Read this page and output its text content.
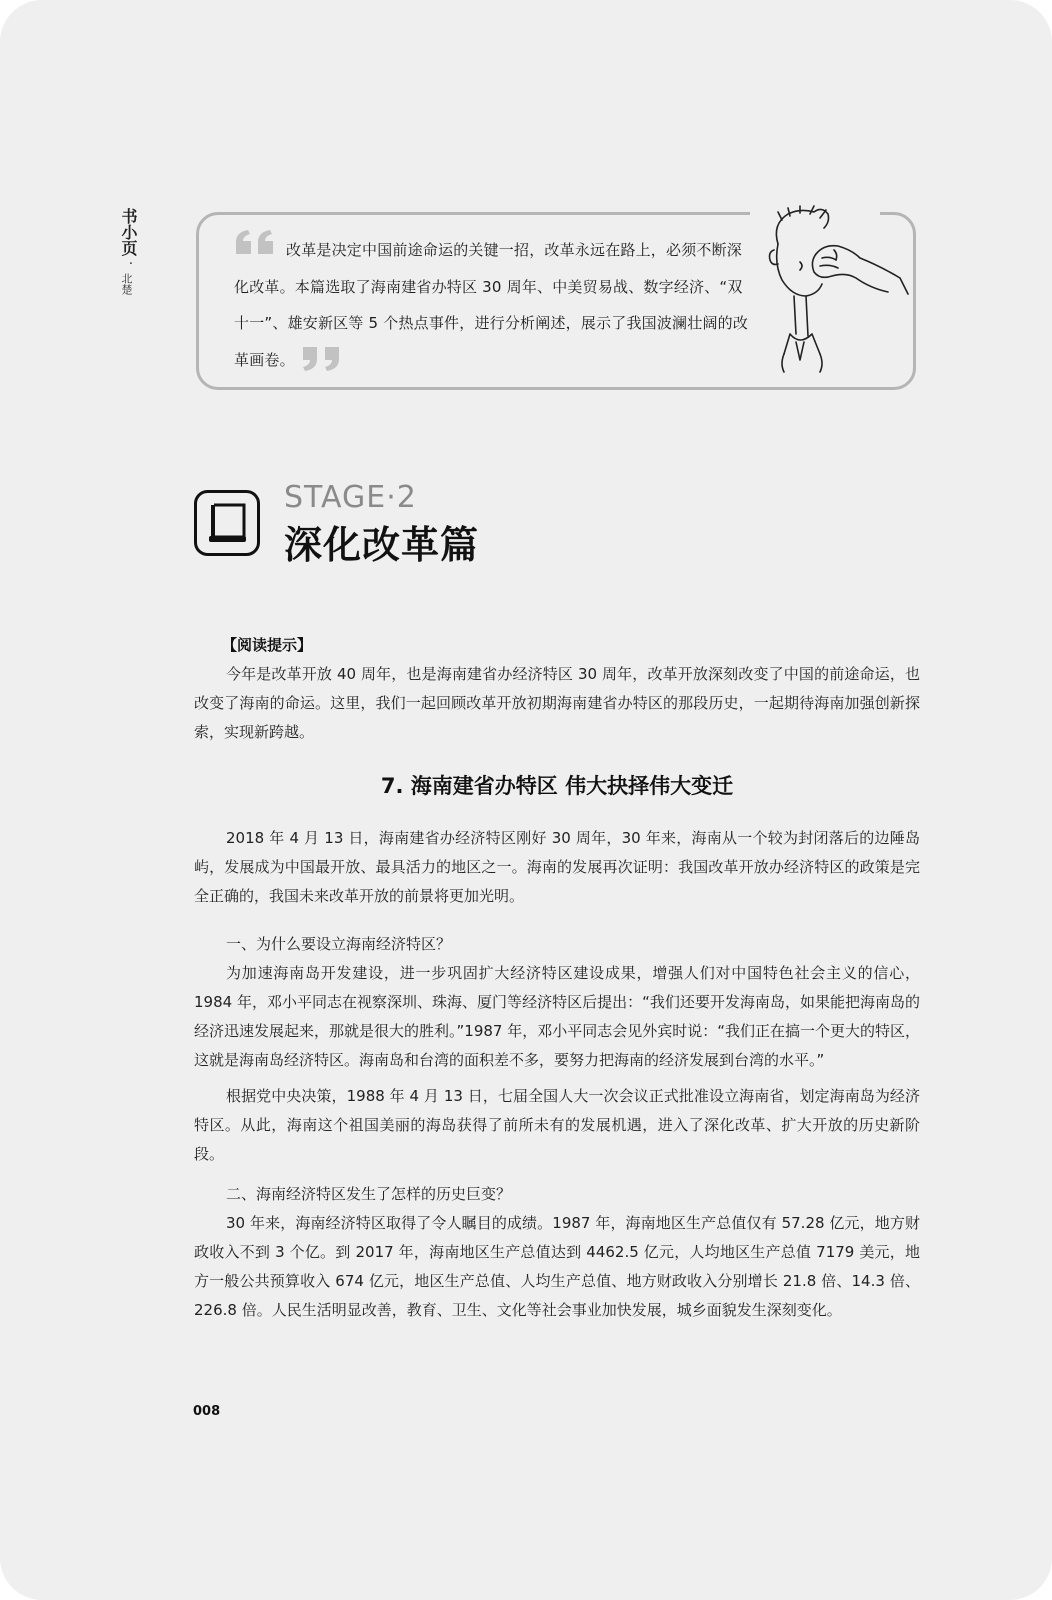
书小页
·
北楚
改革是决定中国前途命运的关键一招，改革永远在路上，必须不断深化改革。本篇选取了海南建省办特区 30 周年、中美贸易战、数字经济、“双十一”、雄安新区等 5 个热点事件，进行分析阐述，展示了我国波澜壮阔的改革画卷。
STAGE·2
深化改革篇
【阅读提示】

今年是改革开放 40 周年，也是海南建省办经济特区 30 周年，改革开放深刻改变了中国的前途命运，也改变了海南的命运。这里，我们一起回顾改革开放初期海南建省办特区的那段历史，一起期待海南加强创新探索，实现新跨越。

7. 海南建省办特区 伟大抉择伟大变迁

2018 年 4 月 13 日，海南建省办经济特区刚好 30 周年，30 年来，海南从一个较为封闭落后的边陲岛屿，发展成为中国最开放、最具活力的地区之一。海南的发展再次证明：我国改革开放办经济特区的政策是完全正确的，我国未来改革开放的前景将更加光明。

一、为什么要设立海南经济特区？

为加速海南岛开发建设，进一步巩固扩大经济特区建设成果，增强人们对中国特色社会主义的信心，1984 年，邓小平同志在视察深圳、珠海、厦门等经济特区后提出：“我们还要开发海南岛，如果能把海南岛的经济迅速发展起来，那就是很大的胜利。”1987 年，邓小平同志会见外宾时说：“我们正在搞一个更大的特区，这就是海南岛经济特区。海南岛和台湾的面积差不多，要努力把海南的经济发展到台湾的水平。”

根据党中央决策，1988 年 4 月 13 日，七届全国人大一次会议正式批准设立海南省，划定海南岛为经济特区。从此，海南这个祖国美丽的海岛获得了前所未有的发展机遇，进入了深化改革、扩大开放的历史新阶段。

二、海南经济特区发生了怎样的历史巨变？

30 年来，海南经济特区取得了令人瞩目的成绩。1987 年，海南地区生产总值仅有 57.28 亿元，地方财政收入不到 3 个亿。到 2017 年，海南地区生产总值达到 4462.5 亿元，人均地区生产总值 7179 美元，地方一般公共预算收入 674 亿元，地区生产总值、人均生产总值、地方财政收入分别增长 21.8 倍、14.3 倍、226.8 倍。人民生活明显改善，教育、卫生、文化等社会事业加快发展，城乡面貌发生深刻变化。

008
